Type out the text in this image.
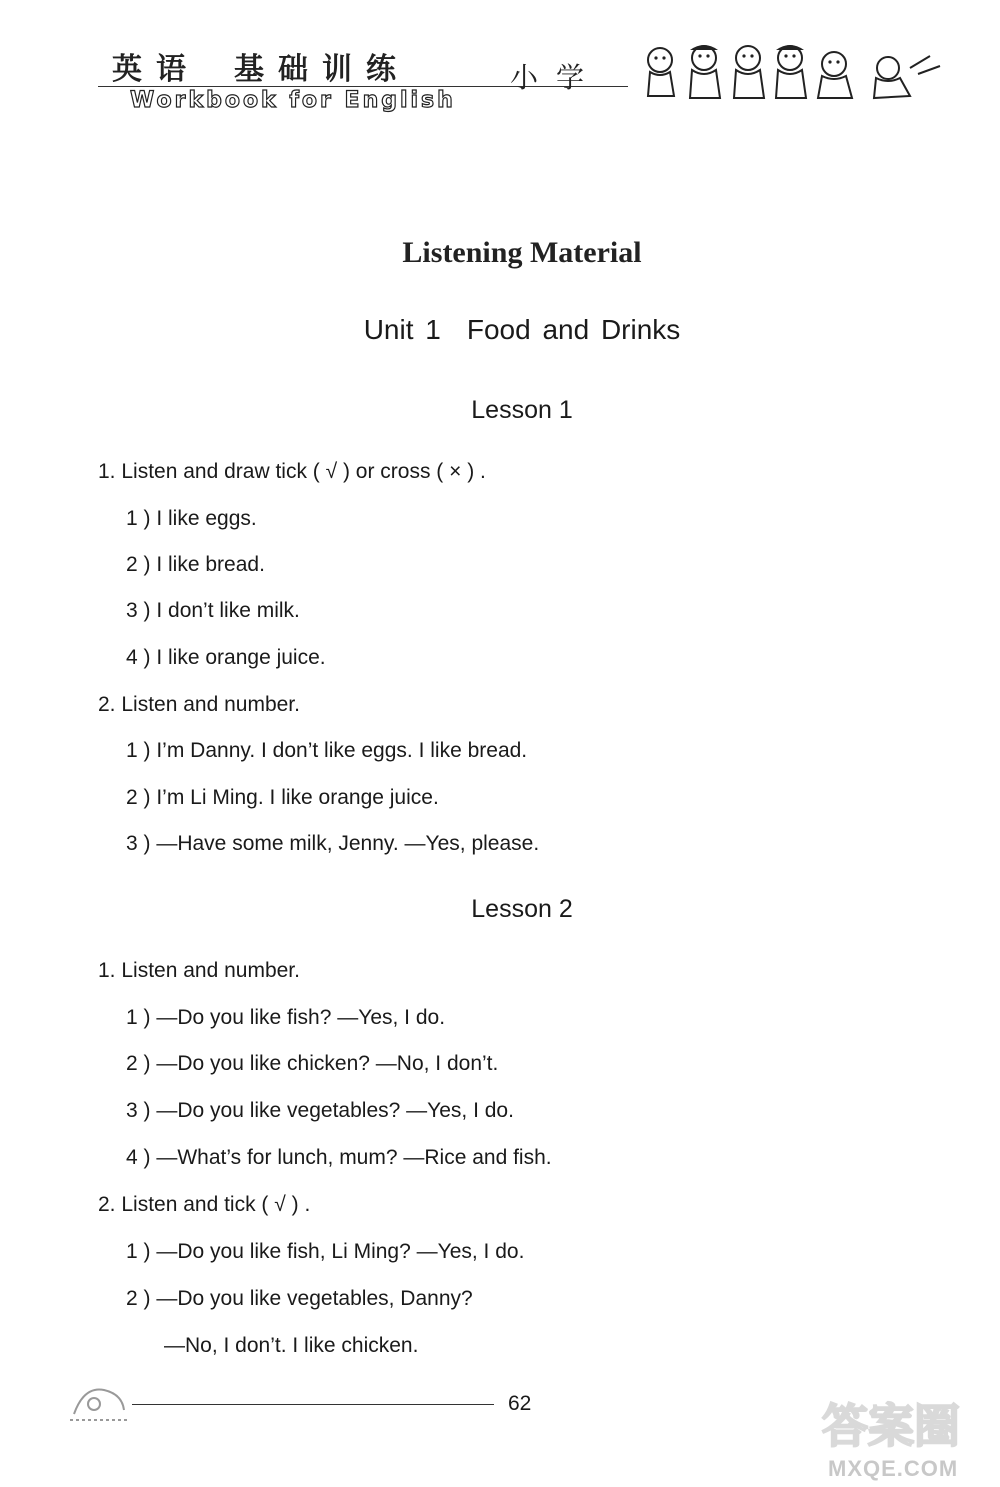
英语 基础训练	小学
Workbook for English
Listening Material
Unit 1 Food and Drinks
Lesson 1
1. Listen and draw tick ( √ ) or cross ( × ) .
1 ) I like eggs.
2 ) I like bread.
3 ) I don’t like milk.
4 ) I like orange juice.
2. Listen and number.
1 ) I’m Danny. I don’t like eggs. I like bread.
2 ) I’m Li Ming. I like orange juice.
3 ) —Have some milk, Jenny. —Yes, please.
Lesson 2
1. Listen and number.
1 ) —Do you like fish? —Yes, I do.
2 ) —Do you like chicken? —No, I don’t.
3 ) —Do you like vegetables? —Yes, I do.
4 ) —What’s for lunch, mum? —Rice and fish.
2. Listen and tick ( √ ) .
1 ) —Do you like fish, Li Ming? —Yes, I do.
2 ) —Do you like vegetables, Danny?
—No, I don’t. I like chicken.
62	答案圈
MXQE.COM
